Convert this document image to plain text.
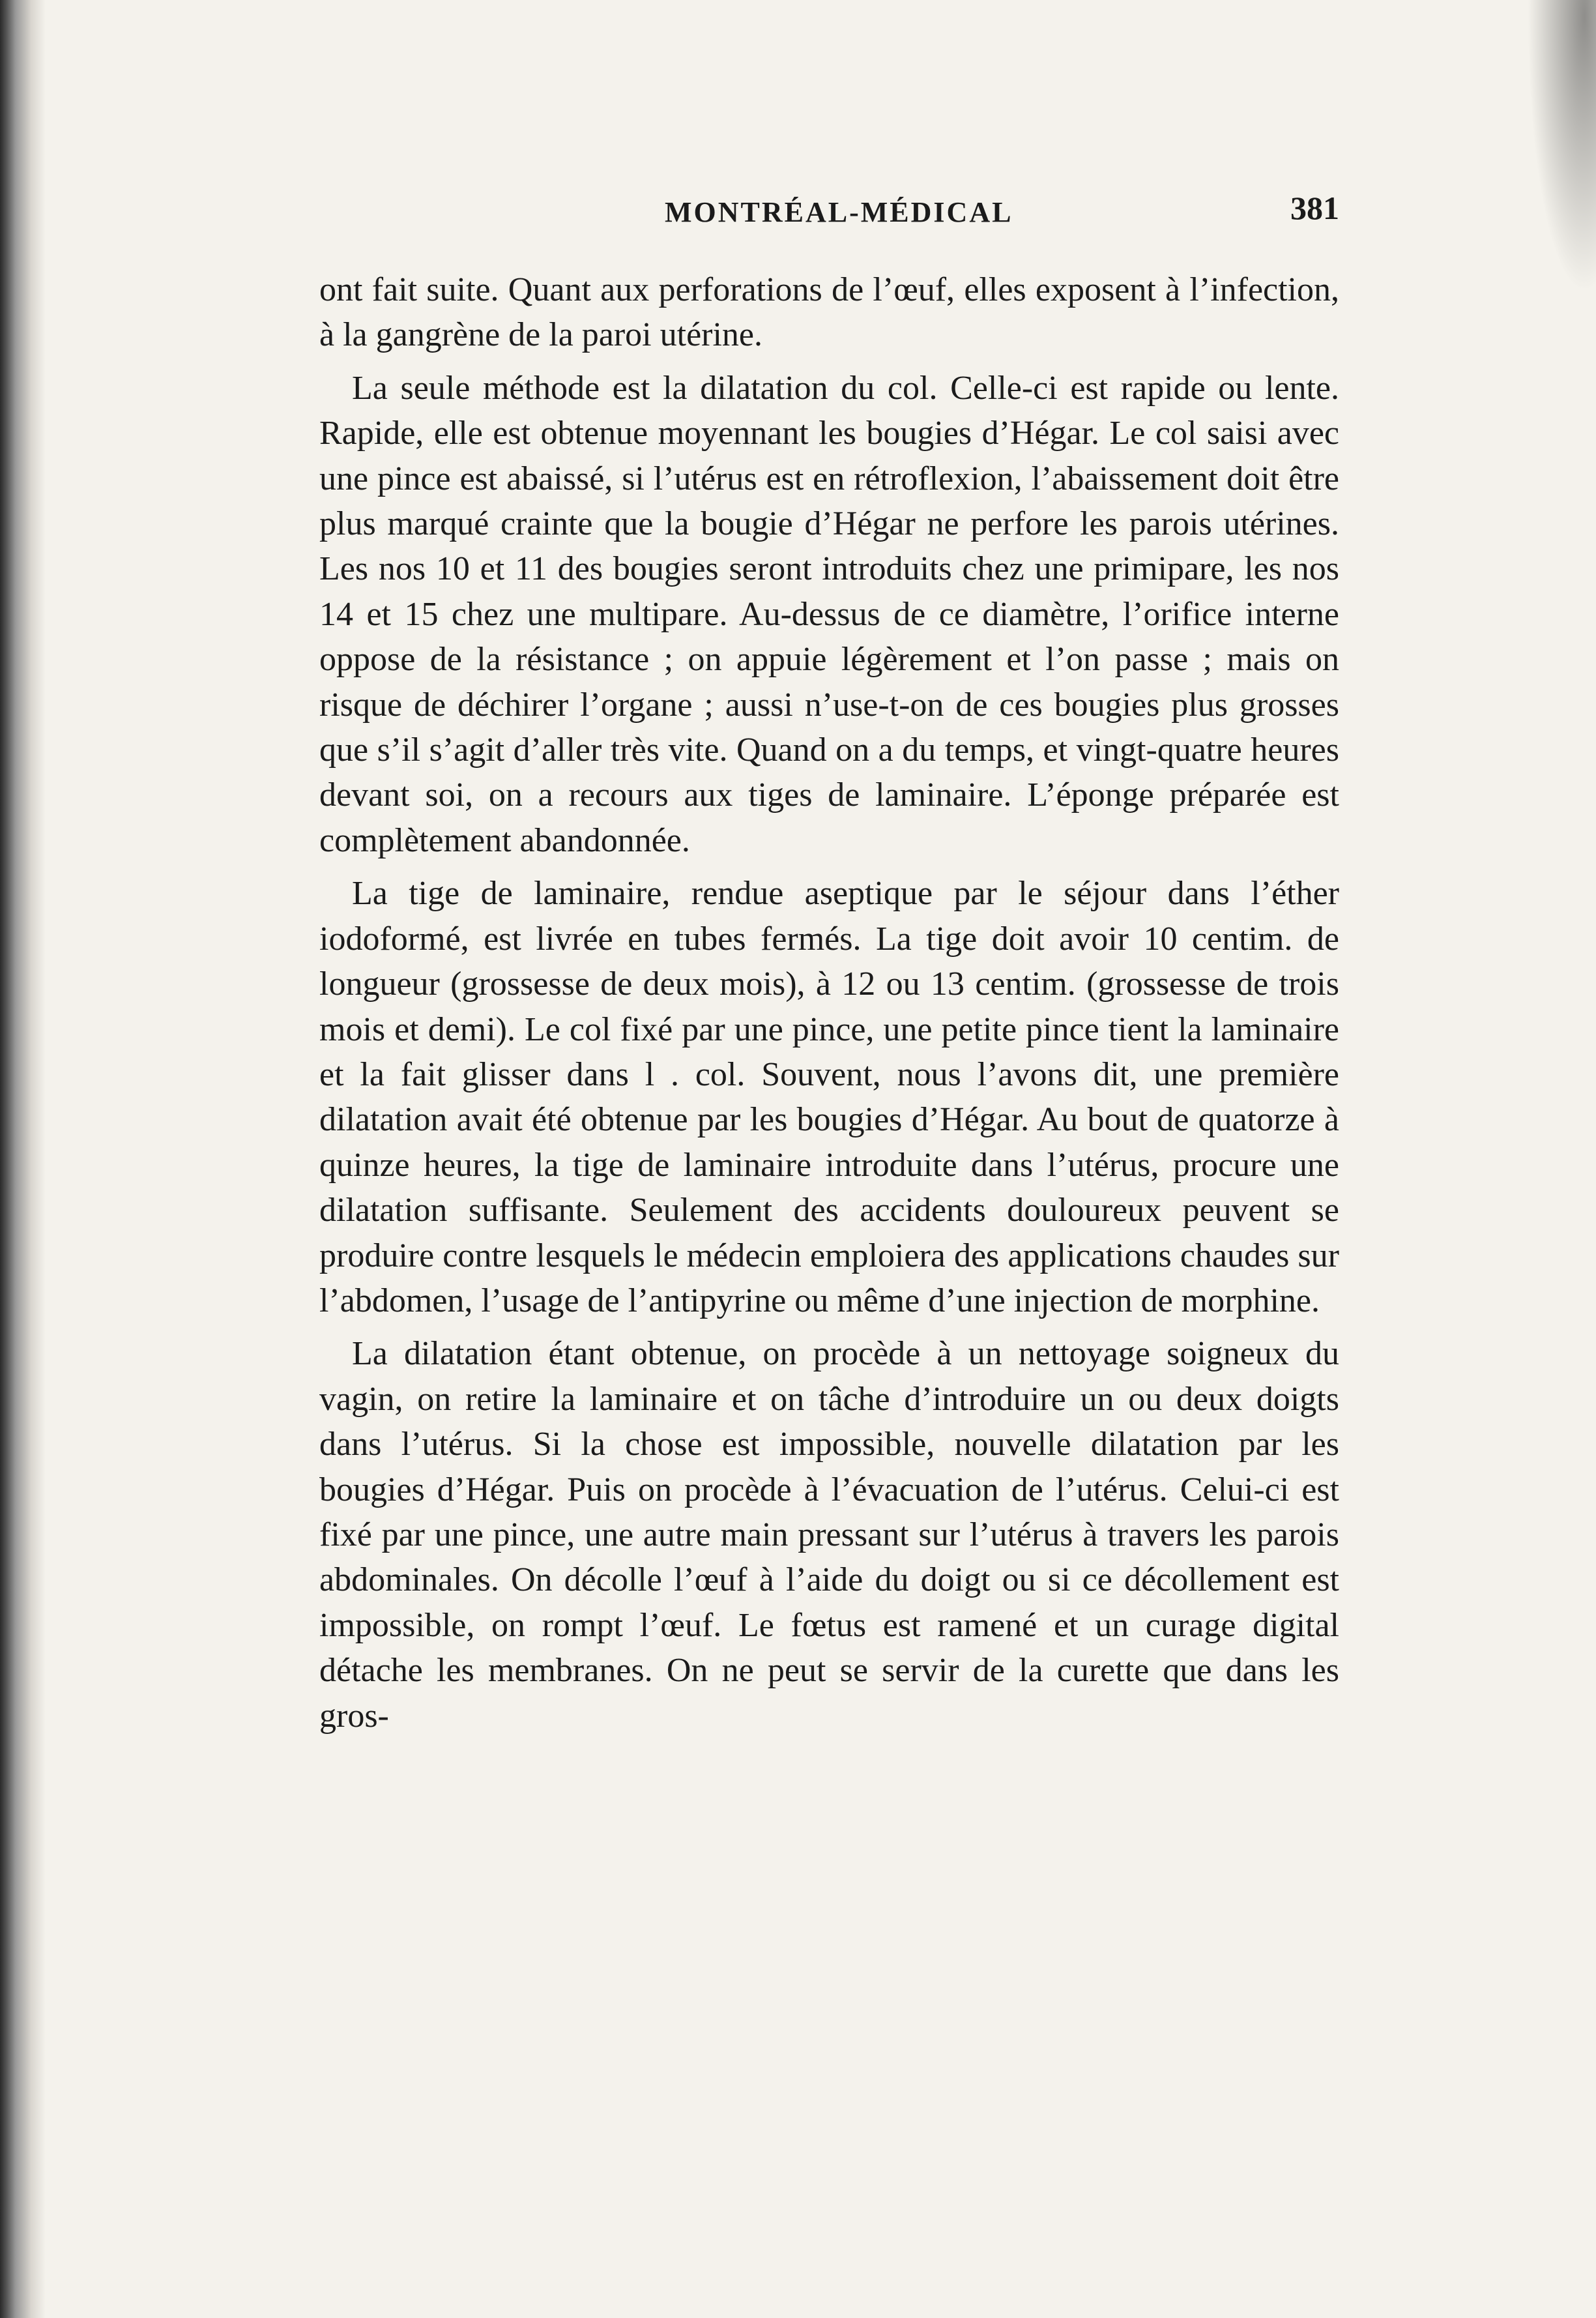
MONTRÉAL-MÉDICAL	381

ont fait suite. Quant aux perforations de l’œuf, elles exposent à l’infection, à la gangrène de la paroi utérine.

La seule méthode est la dilatation du col. Celle-ci est rapide ou lente. Rapide, elle est obtenue moyennant les bougies d’Hégar. Le col saisi avec une pince est abaissé, si l’utérus est en rétroflexion, l’abaissement doit être plus marqué crainte que la bougie d’Hégar ne perfore les parois utérines. Les nos 10 et 11 des bougies seront introduits chez une primipare, les nos 14 et 15 chez une multipare. Au-dessus de ce diamètre, l’orifice interne oppose de la résistance ; on appuie légèrement et l’on passe ; mais on risque de déchirer l’organe ; aussi n’use-t-on de ces bougies plus grosses que s’il s’agit d’aller très vite. Quand on a du temps, et vingt-quatre heures devant soi, on a recours aux tiges de laminaire. L’éponge préparée est complètement abandonnée.

La tige de laminaire, rendue aseptique par le séjour dans l’éther iodoformé, est livrée en tubes fermés. La tige doit avoir 10 centim. de longueur (grossesse de deux mois), à 12 ou 13 centim. (grossesse de trois mois et demi). Le col fixé par une pince, une petite pince tient la laminaire et la fait glisser dans l . col. Souvent, nous l’avons dit, une première dilatation avait été obtenue par les bougies d’Hégar. Au bout de quatorze à quinze heures, la tige de laminaire introduite dans l’utérus, procure une dilatation suffisante. Seulement des accidents douloureux peuvent se produire contre lesquels le médecin emploiera des applications chaudes sur l’abdomen, l’usage de l’antipyrine ou même d’une injection de morphine.

La dilatation étant obtenue, on procède à un nettoyage soigneux du vagin, on retire la laminaire et on tâche d’introduire un ou deux doigts dans l’utérus. Si la chose est impossible, nouvelle dilatation par les bougies d’Hégar. Puis on procède à l’évacuation de l’utérus. Celui-ci est fixé par une pince, une autre main pressant sur l’utérus à travers les parois abdominales. On décolle l’œuf à l’aide du doigt ou si ce décollement est impossible, on rompt l’œuf. Le fœtus est ramené et un curage digital détache les membranes. On ne peut se servir de la curette que dans les gros-
